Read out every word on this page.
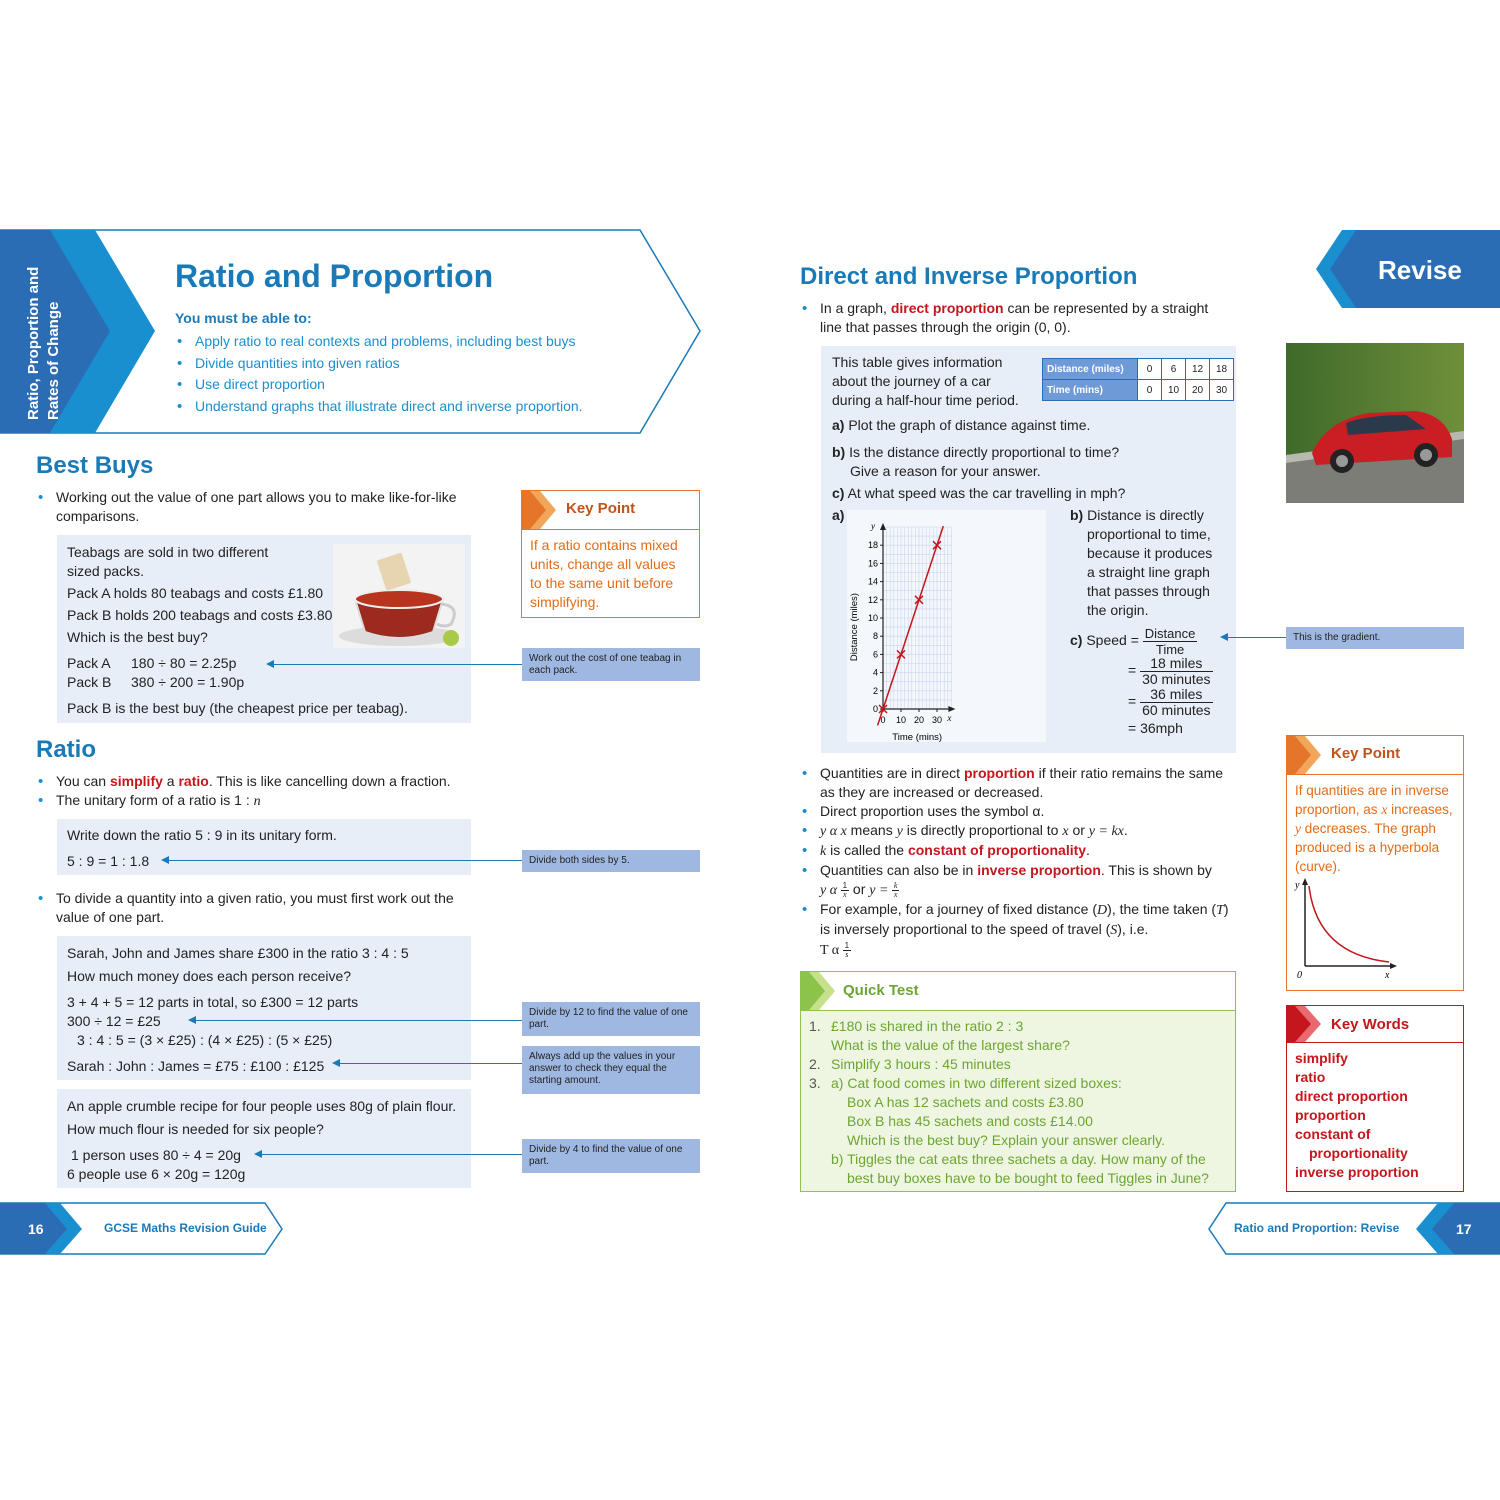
Ratio, Proportion and Rates of Change
Ratio and Proportion
You must be able to:
• Apply ratio to real contexts and problems, including best buys
• Divide quantities into given ratios
• Use direct proportion
• Understand graphs that illustrate direct and inverse proportion.
Best Buys
• Working out the value of one part allows you to make like-for-like comparisons.

Teabags are sold in two different

sized packs.

Pack A holds 80 teabags and costs £1.80

Pack B holds 200 teabags and costs £3.80

Which is the best buy?

Pack A 180 ÷ 80 = 2.25p

Pack B 380 ÷ 200 = 1.90p

Pack B is the best buy (the cheapest price per teabag).

Work out the cost of one teabag in each pack.
Key Point
If a ratio contains mixed units, change all values to the same unit before simplifying.
Ratio
• You can simplify a ratio. This is like cancelling down a fraction.
• The unitary form of a ratio is 1 : n

Write down the ratio 5 : 9 in its unitary form.

5 : 9 = 1 : 1.8	Divide both sides by 5.
• To divide a quantity into a given ratio, you must first work out the value of one part.

Sarah, John and James share £300 in the ratio 3 : 4 : 5

How much money does each person receive?

3 + 4 + 5 = 12 parts in total, so £300 = 12 parts

300 ÷ 12 = £25

3 : 4 : 5 = (3 × £25) : (4 × £25) : (5 × £25)

Sarah : John : James = £75 : £100 : £125

Divide by 12 to find the value of one part.
Always add up the values in your answer to check they equal the starting amount.

An apple crumble recipe for four people uses 80g of plain flour.

How much flour is needed for six people?

1 person uses 80 ÷ 4 = 20g

6 people use 6 × 20g = 120g

Divide by 4 to find the value of one part.
16	GCSE Maths Revision Guide
Direct and Inverse Proportion	Revise
• In a graph, direct proportion can be represented by a straight line that passes through the origin (0, 0).
This table gives information
about the journey of a car
during a half-hour time period.
Distance (miles)	0	6	12	18
Time (mins)	0	10	20	30
a) Plot the graph of distance against time.
b) Is the distance directly proportional to time?
Give a reason for your answer.
c) At what speed was the car travelling in mph?
a)
0
2
4
6
8
10
12
14
16
18
0 10 20 30
Time (mins)
Distance (miles)
x
y
b) Distance is directly
proportional to time,
because it produces
a straight line graph
that passes through
the origin.
c) Speed = $\frac{\text{Distance}}{\text{Time}}$
= $\frac{\text{18 miles}}{\text{30 minutes}}$
= $\frac{\text{36 miles}}{\text{60 minutes}}$
= 36mph
This is the gradient.
• Quantities are in direct proportion if their ratio remains the same as they are increased or decreased.
• Direct proportion uses the symbol α.
• y α x means y is directly proportional to x or y = kx.
• k is called the constant of proportionality.
• Quantities can also be in inverse proportion. This is shown by
y α $\frac{1}{x}$ or $y = \frac{k}{x}$
• For example, for a journey of fixed distance (D), the time taken (T) is inversely proportional to the speed of travel (S), i.e.
T α $\frac{1}{s}$
Key Point
If quantities are in inverse proportion, as x increases, y decreases. The graph produced is a hyperbola (curve).
y
x
0
Quick Test
1. £180 is shared in the ratio 2 : 3
What is the value of the largest share?
2. Simplify 3 hours : 45 minutes
3. a) Cat food comes in two different sized boxes:
Box A has 12 sachets and costs £3.80
Box B has 45 sachets and costs £14.00
Which is the best buy? Explain your answer clearly.
b) Tiggles the cat eats three sachets a day. How many of the
best buy boxes have to be bought to feed Tiggles in June?
Key Words
simplify
ratio
direct proportion
proportion
constant of
proportionality
inverse proportion
Ratio and Proportion: Revise	17
